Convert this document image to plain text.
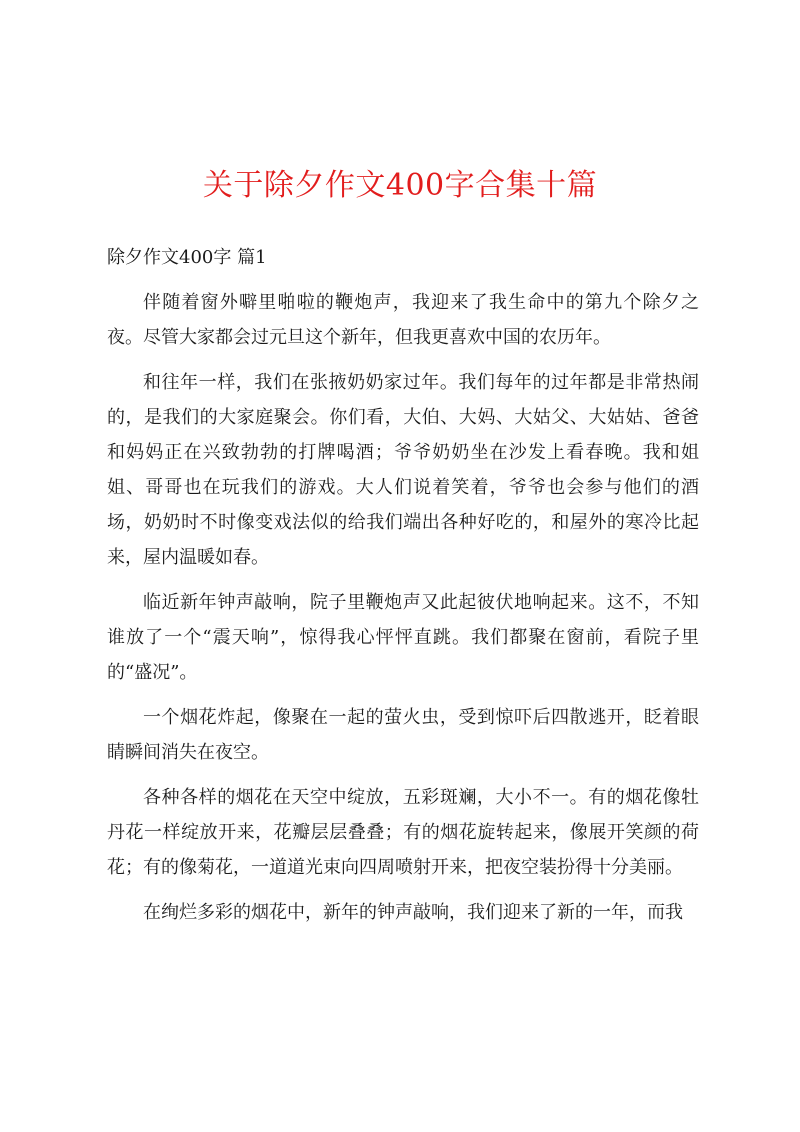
关于除夕作文400字合集十篇

除夕作文400字 篇1

伴随着窗外噼里啪啦的鞭炮声，我迎来了我生命中的第九个除夕之夜。尽管大家都会过元旦这个新年，但我更喜欢中国的农历年。

和往年一样，我们在张掖奶奶家过年。我们每年的过年都是非常热闹的，是我们的大家庭聚会。你们看，大伯、大妈、大姑父、大姑姑、爸爸和妈妈正在兴致勃勃的打牌喝酒；爷爷奶奶坐在沙发上看春晚。我和姐姐、哥哥也在玩我们的游戏。大人们说着笑着，爷爷也会参与他们的酒场，奶奶时不时像变戏法似的给我们端出各种好吃的，和屋外的寒冷比起来，屋内温暖如春。

临近新年钟声敲响，院子里鞭炮声又此起彼伏地响起来。这不，不知谁放了一个“震天响”，惊得我心怦怦直跳。我们都聚在窗前，看院子里的“盛况”。

一个烟花炸起，像聚在一起的萤火虫，受到惊吓后四散逃开，眨着眼睛瞬间消失在夜空。

各种各样的烟花在天空中绽放，五彩斑斓，大小不一。有的烟花像牡丹花一样绽放开来，花瓣层层叠叠；有的烟花旋转起来，像展开笑颜的荷花；有的像菊花，一道道光束向四周喷射开来，把夜空装扮得十分美丽。

在绚烂多彩的烟花中，新年的钟声敲响，我们迎来了新的一年，而我
